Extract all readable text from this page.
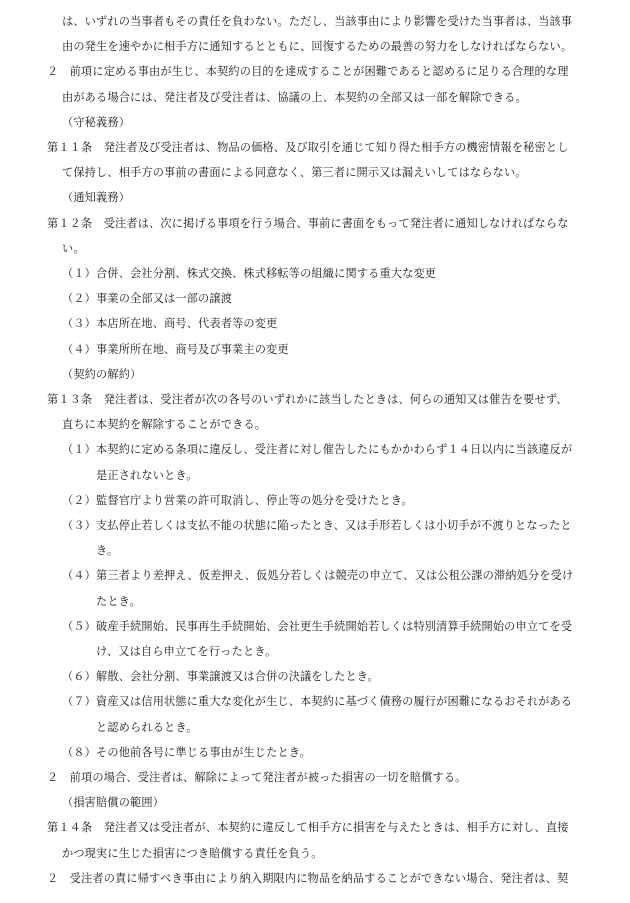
は、いずれの当事者もその責任を負わない。ただし、当該事由により影響を受けた当事者は、当該事
由の発生を速やかに相手方に通知するとともに、回復するための最善の努力をしなければならない。
２　前項に定める事由が生じ、本契約の目的を達成することが困難であると認めるに足りる合理的な理
由がある場合には、発注者及び受注者は、協議の上、本契約の全部又は一部を解除できる。
（守秘義務）
第１１条　発注者及び受注者は、物品の価格、及び取引を通じて知り得た相手方の機密情報を秘密とし
て保持し、相手方の事前の書面による同意なく、第三者に開示又は漏えいしてはならない。
（通知義務）
第１２条　受注者は、次に掲げる事項を行う場合、事前に書面をもって発注者に通知しなければならな
い。
（１）合併、会社分割、株式交換、株式移転等の組織に関する重大な変更
（２）事業の全部又は一部の譲渡
（３）本店所在地、商号、代表者等の変更
（４）事業所所在地、商号及び事業主の変更
（契約の解約）
第１３条　発注者は、受注者が次の各号のいずれかに該当したときは、何らの通知又は催告を要せず、
直ちに本契約を解除することができる。
（１）本契約に定める条項に違反し、受注者に対し催告したにもかかわらず１４日以内に当該違反が
是正されないとき。
（２）監督官庁より営業の許可取消し、停止等の処分を受けたとき。
（３）支払停止若しくは支払不能の状態に陥ったとき、又は手形若しくは小切手が不渡りとなったと
き。
（４）第三者より差押え、仮差押え、仮処分若しくは競売の申立て、又は公租公課の滞納処分を受け
たとき。
（５）破産手続開始、民事再生手続開始、会社更生手続開始若しくは特別清算手続開始の申立てを受
け、又は自ら申立てを行ったとき。
（６）解散、会社分割、事業譲渡又は合併の決議をしたとき。
（７）資産又は信用状態に重大な変化が生じ、本契約に基づく債務の履行が困難になるおそれがある
と認められるとき。
（８）その他前各号に準じる事由が生じたとき。
２　前項の場合、受注者は、解除によって発注者が被った損害の一切を賠償する。
（損害賠償の範囲）
第１４条　発注者又は受注者が、本契約に違反して相手方に損害を与えたときは、相手方に対し、直接
かつ現実に生じた損害につき賠償する責任を負う。
２　受注者の責に帰すべき事由により納入期限内に物品を納品することができない場合、発注者は、契
